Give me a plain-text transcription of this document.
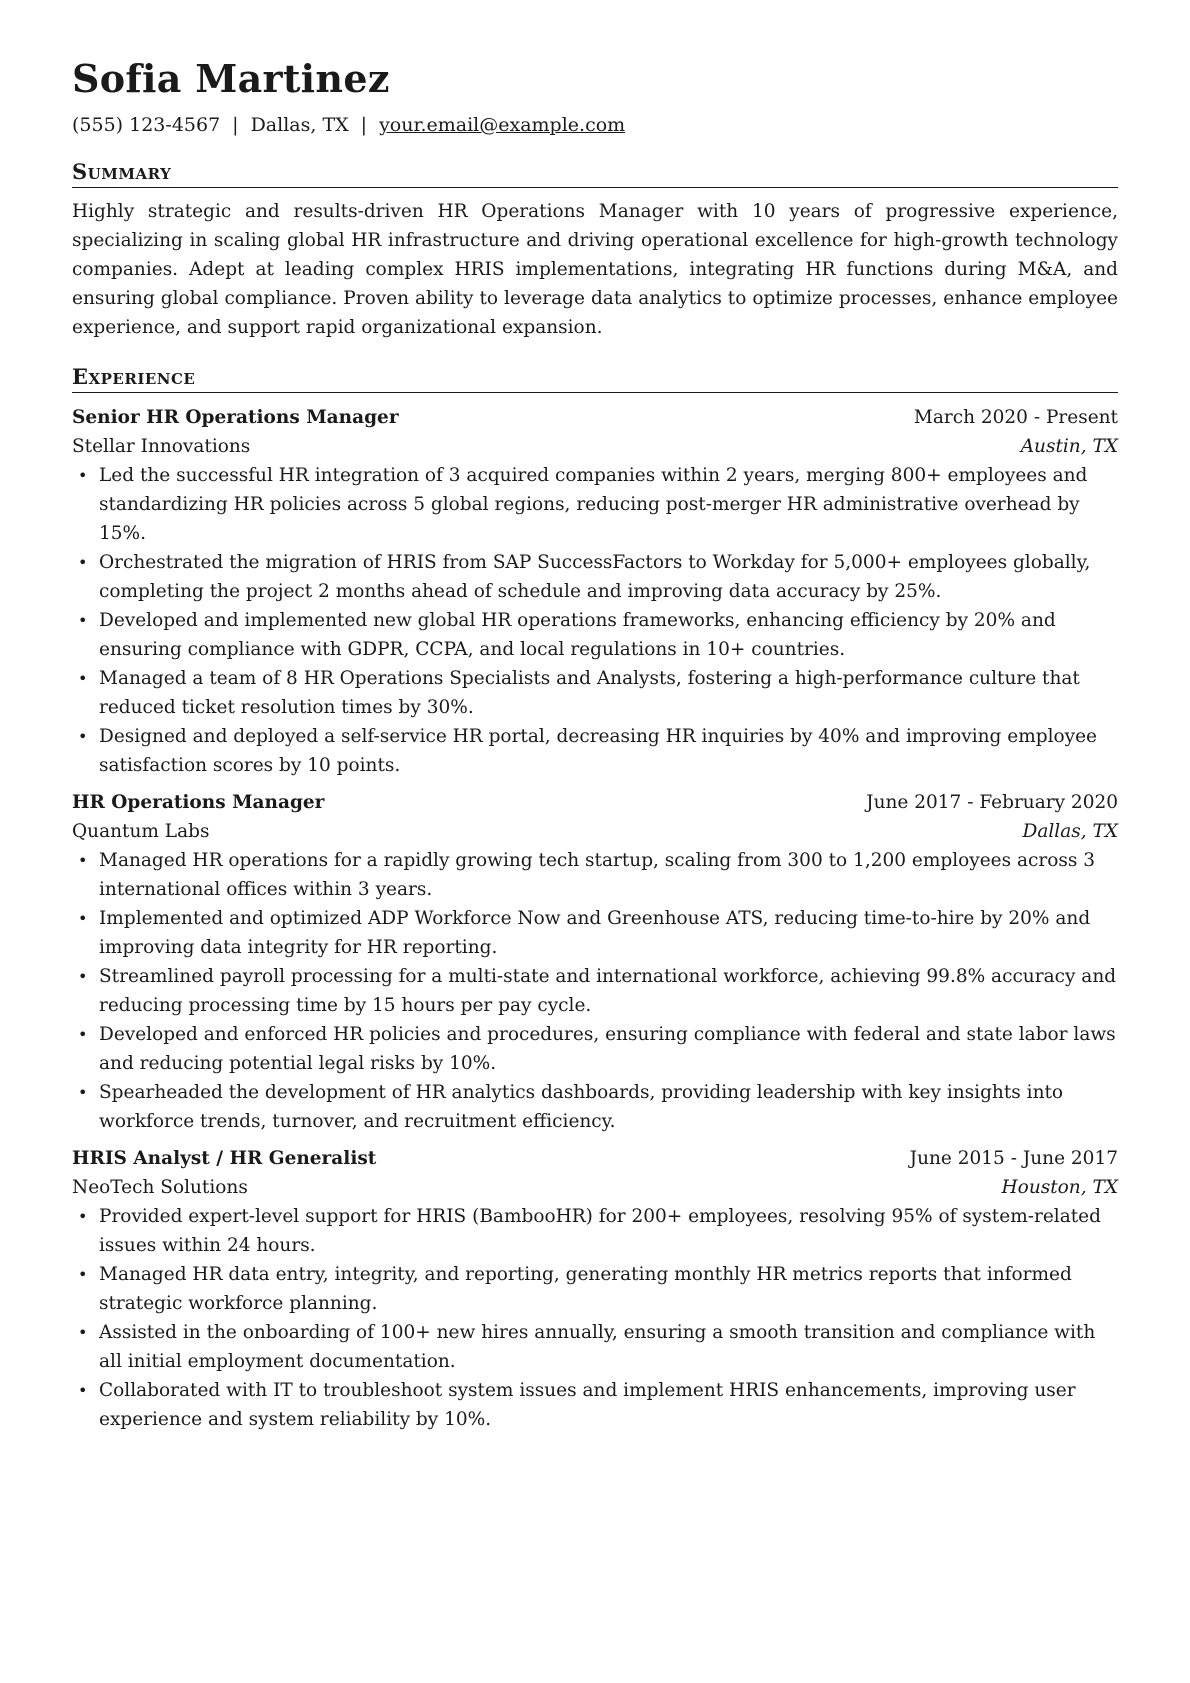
Sofia Martinez
(555) 123-4567 | Dallas, TX | your.email@example.com
Summary
Highly strategic and results-driven HR Operations Manager with 10 years of progressive experience, specializing in scaling global HR infrastructure and driving operational excellence for high-growth technology companies. Adept at leading complex HRIS implementations, integrating HR functions during M&A, and ensuring global compliance. Proven ability to leverage data analytics to optimize processes, enhance employee experience, and support rapid organizational expansion.
Experience
Senior HR Operations Manager	March 2020 - Present
Stellar Innovations	Austin, TX
• Led the successful HR integration of 3 acquired companies within 2 years, merging 800+ employees and standardizing HR policies across 5 global regions, reducing post-merger HR administrative overhead by 15%.
• Orchestrated the migration of HRIS from SAP SuccessFactors to Workday for 5,000+ employees globally, completing the project 2 months ahead of schedule and improving data accuracy by 25%.
• Developed and implemented new global HR operations frameworks, enhancing efficiency by 20% and ensuring compliance with GDPR, CCPA, and local regulations in 10+ countries.
• Managed a team of 8 HR Operations Specialists and Analysts, fostering a high-performance culture that reduced ticket resolution times by 30%.
• Designed and deployed a self-service HR portal, decreasing HR inquiries by 40% and improving employee satisfaction scores by 10 points.
HR Operations Manager	June 2017 - February 2020
Quantum Labs	Dallas, TX
• Managed HR operations for a rapidly growing tech startup, scaling from 300 to 1,200 employees across 3 international offices within 3 years.
• Implemented and optimized ADP Workforce Now and Greenhouse ATS, reducing time-to-hire by 20% and improving data integrity for HR reporting.
• Streamlined payroll processing for a multi-state and international workforce, achieving 99.8% accuracy and reducing processing time by 15 hours per pay cycle.
• Developed and enforced HR policies and procedures, ensuring compliance with federal and state labor laws and reducing potential legal risks by 10%.
• Spearheaded the development of HR analytics dashboards, providing leadership with key insights into workforce trends, turnover, and recruitment efficiency.
HRIS Analyst / HR Generalist	June 2015 - June 2017
NeoTech Solutions	Houston, TX
• Provided expert-level support for HRIS (BambooHR) for 200+ employees, resolving 95% of system-related issues within 24 hours.
• Managed HR data entry, integrity, and reporting, generating monthly HR metrics reports that informed strategic workforce planning.
• Assisted in the onboarding of 100+ new hires annually, ensuring a smooth transition and compliance with all initial employment documentation.
• Collaborated with IT to troubleshoot system issues and implement HRIS enhancements, improving user experience and system reliability by 10%.
